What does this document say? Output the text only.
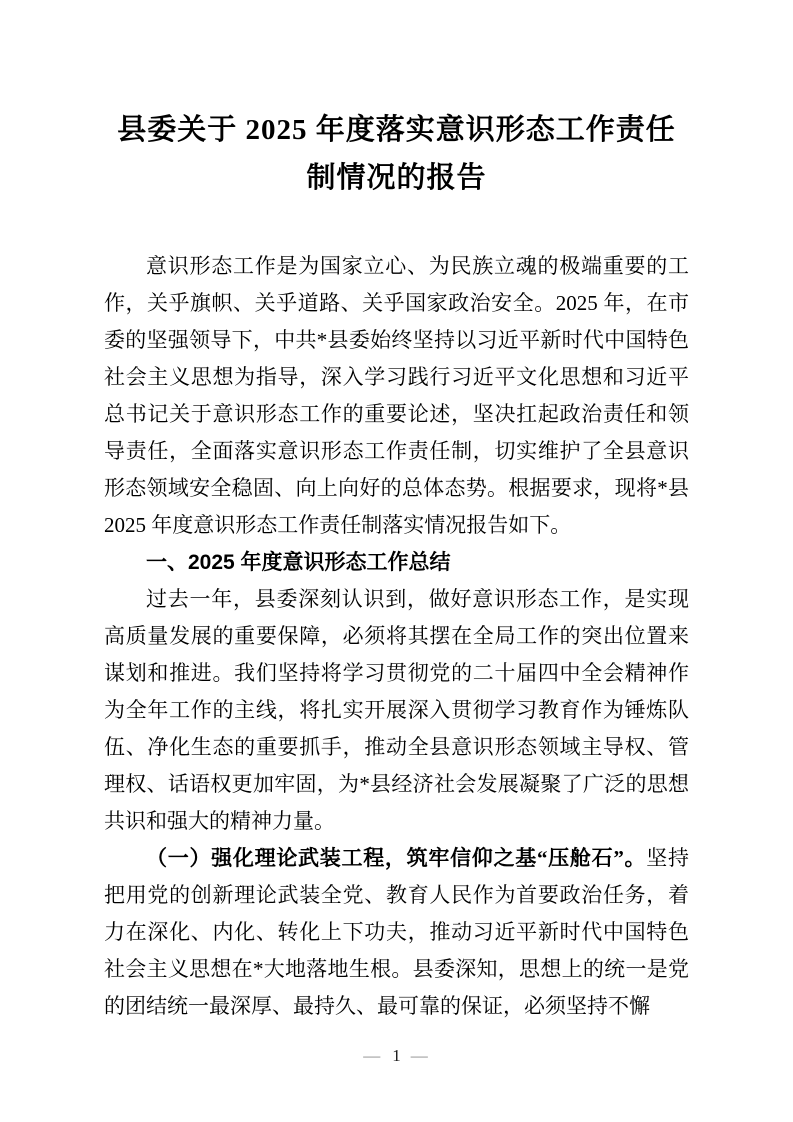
县委关于 2025 年度落实意识形态工作责任制情况的报告

意识形态工作是为国家立心、为民族立魂的极端重要的工作，关乎旗帜、关乎道路、关乎国家政治安全。2025 年，在市委的坚强领导下，中共*县委始终坚持以习近平新时代中国特色社会主义思想为指导，深入学习践行习近平文化思想和习近平总书记关于意识形态工作的重要论述，坚决扛起政治责任和领导责任，全面落实意识形态工作责任制，切实维护了全县意识形态领域安全稳固、向上向好的总体态势。根据要求，现将*县 2025 年度意识形态工作责任制落实情况报告如下。

一、2025 年度意识形态工作总结

过去一年，县委深刻认识到，做好意识形态工作，是实现高质量发展的重要保障，必须将其摆在全局工作的突出位置来谋划和推进。我们坚持将学习贯彻党的二十届四中全会精神作为全年工作的主线，将扎实开展深入贯彻学习教育作为锤炼队伍、净化生态的重要抓手，推动全县意识形态领域主导权、管理权、话语权更加牢固，为*县经济社会发展凝聚了广泛的思想共识和强大的精神力量。

（一）强化理论武装工程，筑牢信仰之基“压舱石”。坚持把用党的创新理论武装全党、教育人民作为首要政治任务，着力在深化、内化、转化上下功夫，推动习近平新时代中国特色社会主义思想在*大地落地生根。县委深知，思想上的统一是党的团结统一最深厚、最持久、最可靠的保证，必须坚持不懈

— 1 —
